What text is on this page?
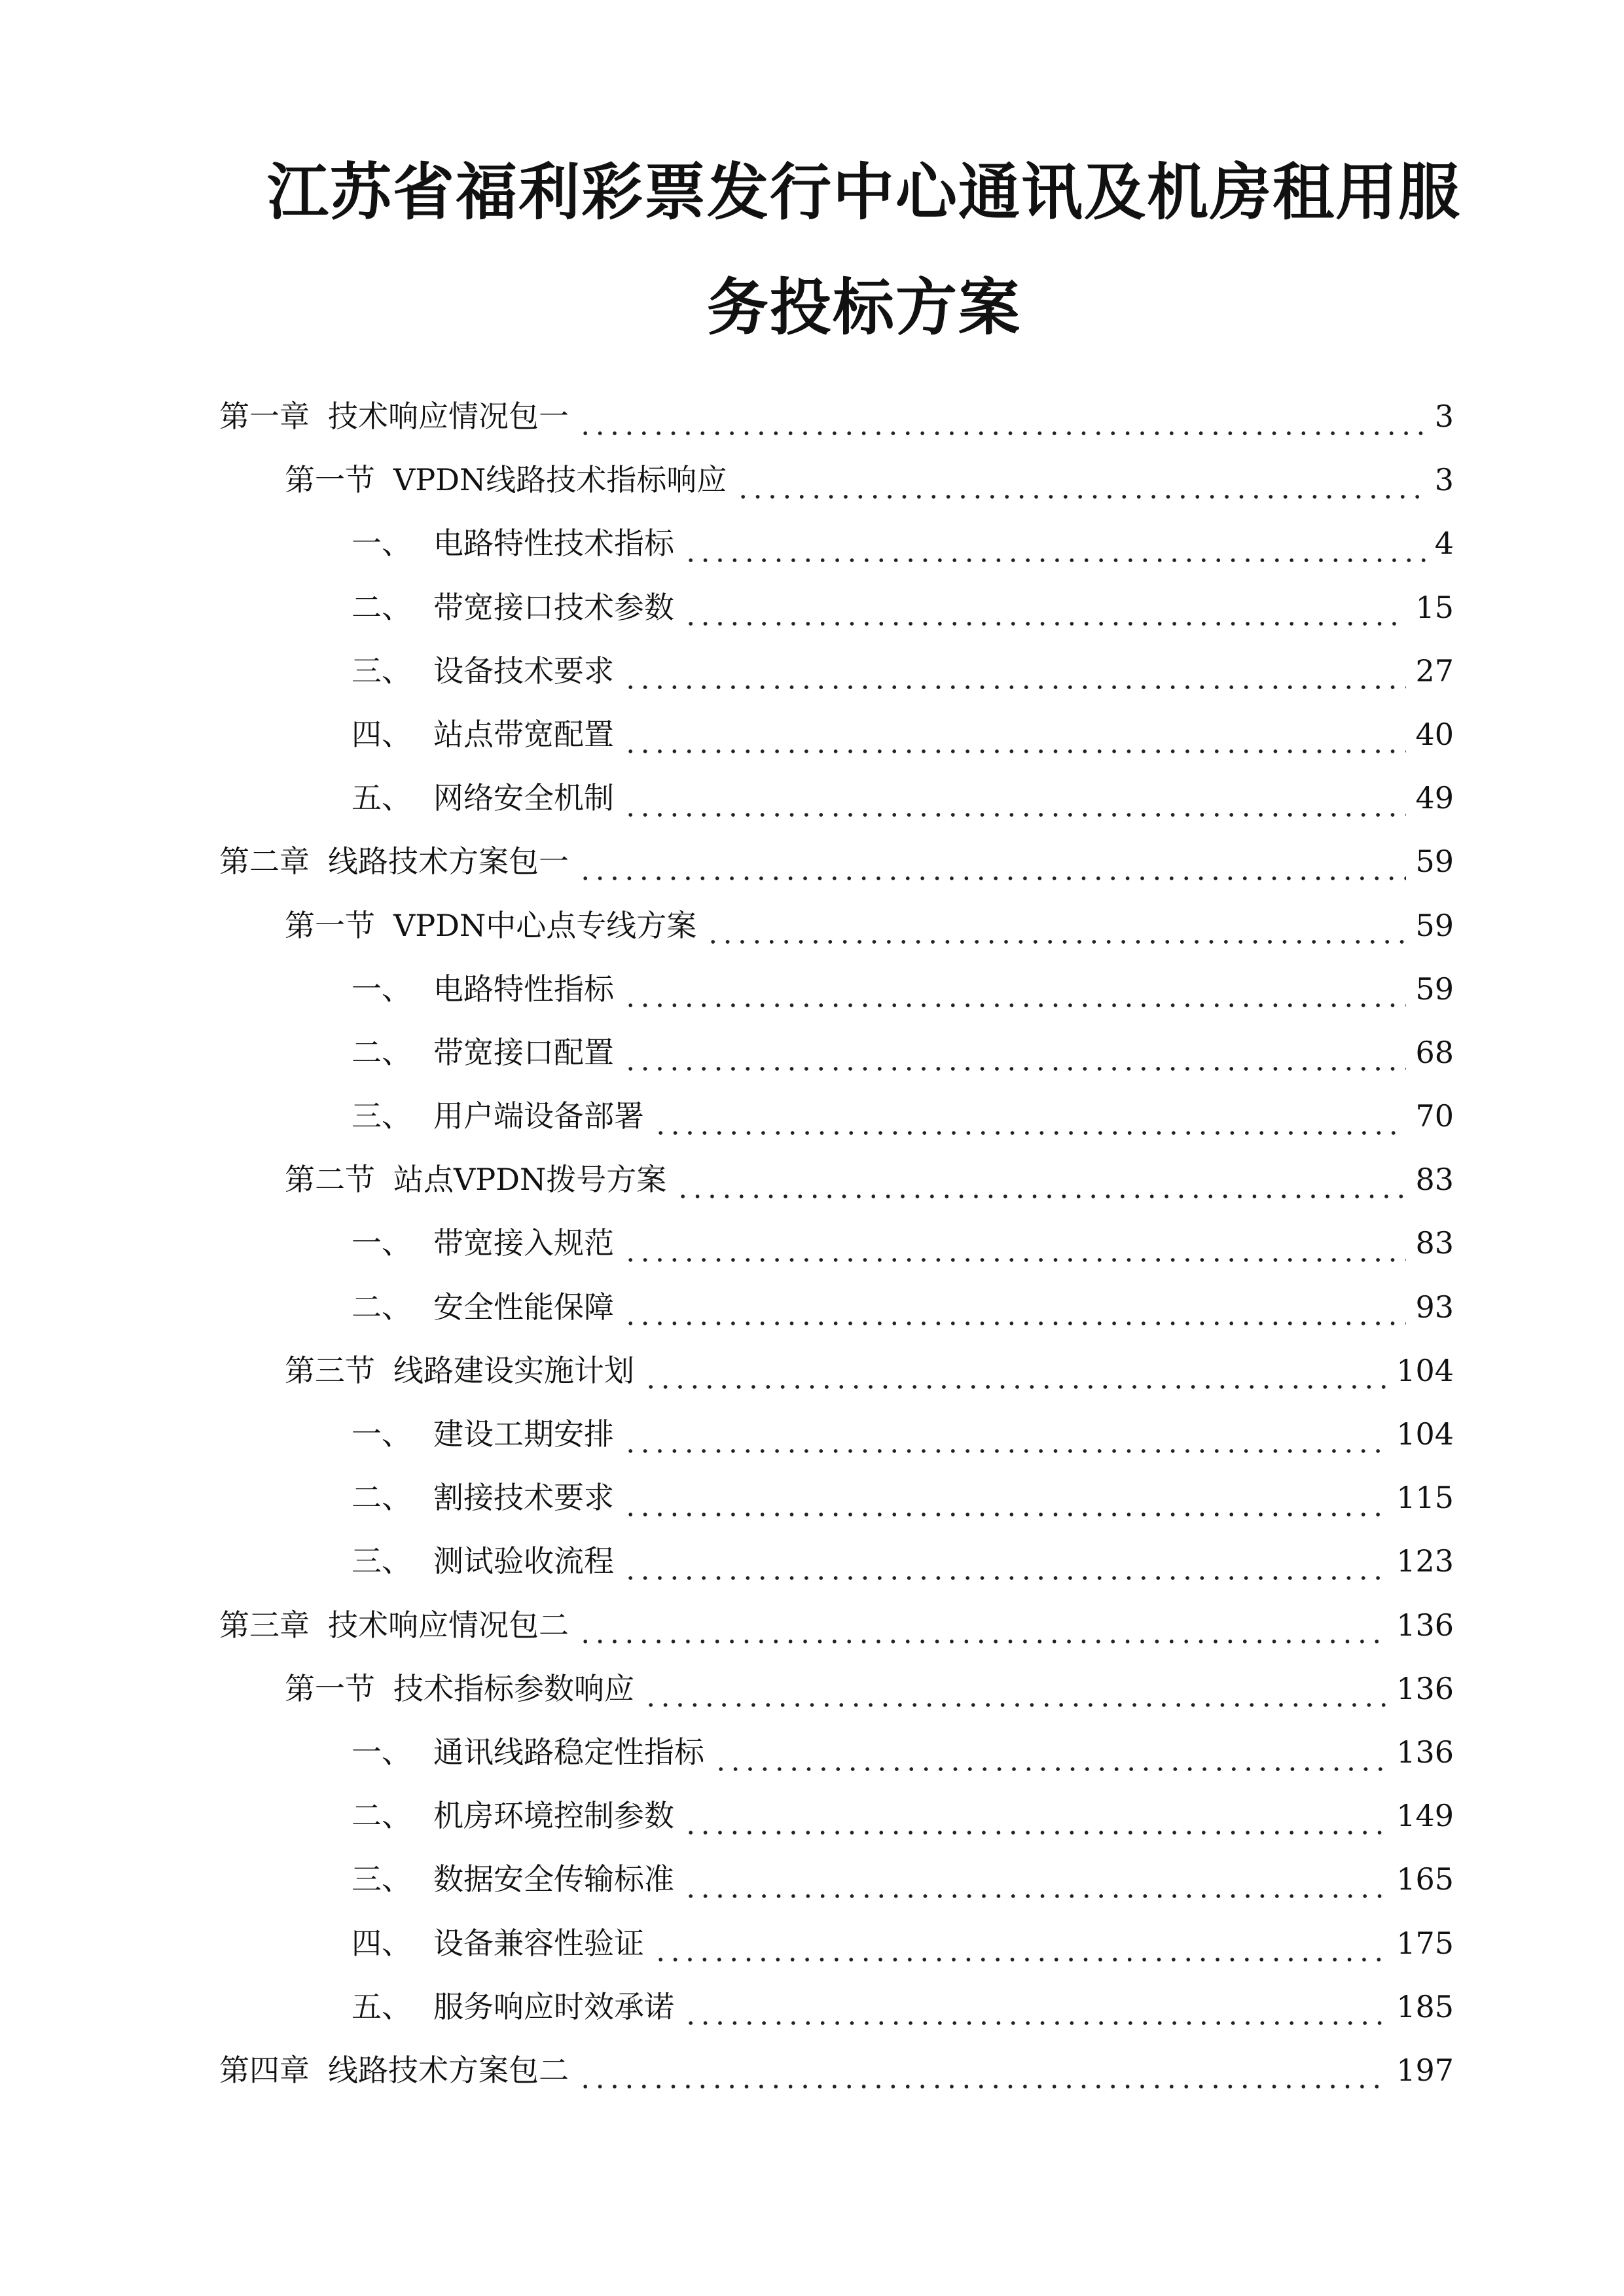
江苏省福利彩票发行中心通讯及机房租用服
务投标方案
第一章 技术响应情况包一	3
第一节 VPDN线路技术指标响应	3
一、 电路特性技术指标	4
二、 带宽接口技术参数	15
三、 设备技术要求	27
四、 站点带宽配置	40
五、 网络安全机制	49
第二章 线路技术方案包一	59
第一节 VPDN中心点专线方案	59
一、 电路特性指标	59
二、 带宽接口配置	68
三、 用户端设备部署	70
第二节 站点VPDN拨号方案	83
一、 带宽接入规范	83
二、 安全性能保障	93
第三节 线路建设实施计划	104
一、 建设工期安排	104
二、 割接技术要求	115
三、 测试验收流程	123
第三章 技术响应情况包二	136
第一节 技术指标参数响应	136
一、 通讯线路稳定性指标	136
二、 机房环境控制参数	149
三、 数据安全传输标准	165
四、 设备兼容性验证	175
五、 服务响应时效承诺	185
第四章 线路技术方案包二	197
